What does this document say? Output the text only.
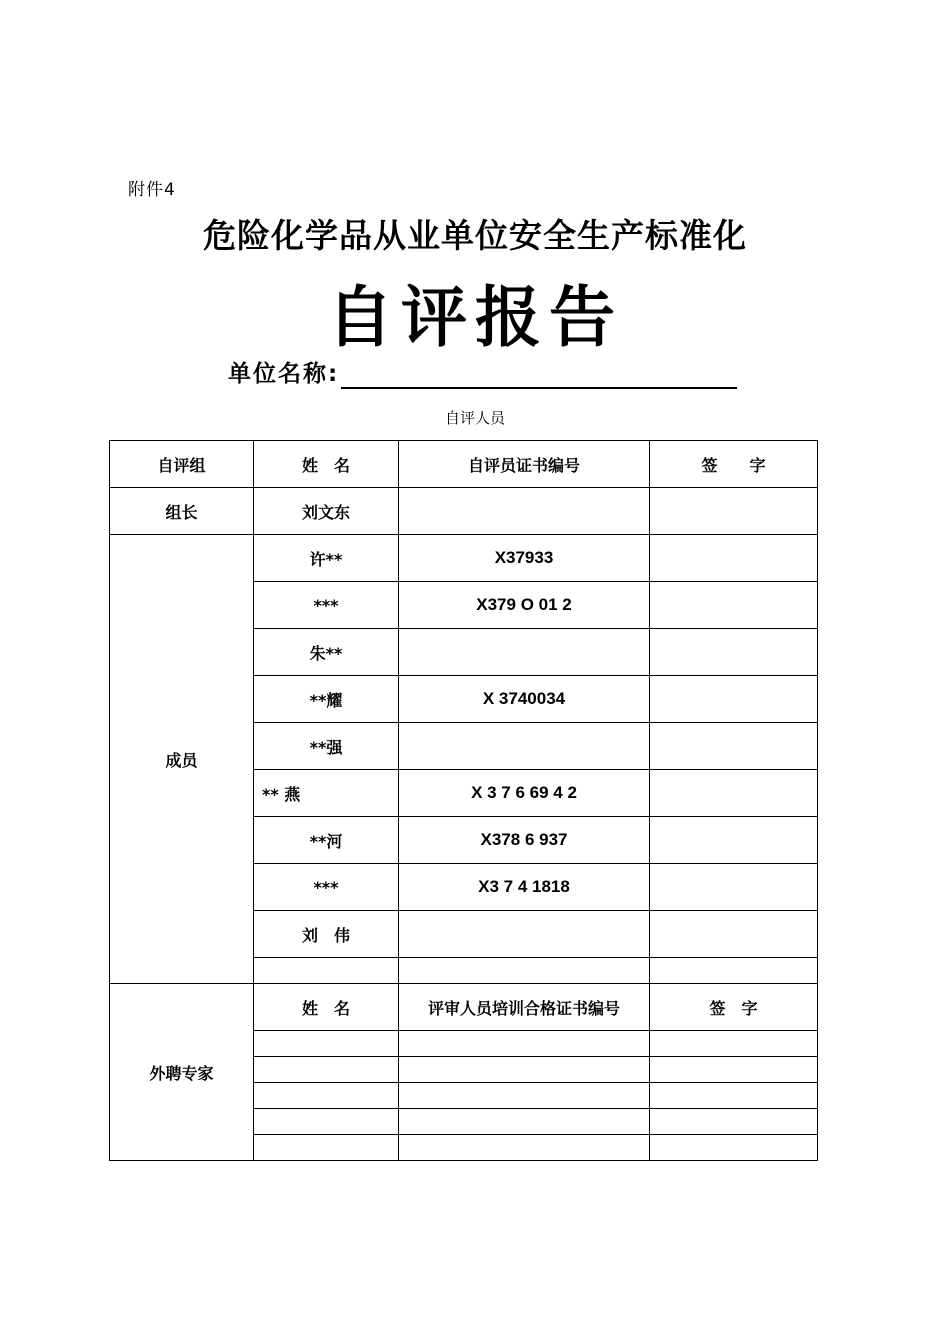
附件4
危险化学品从业单位安全生产标准化
自评报告
单位名称:
自评人员
自评组	姓　名	自评员证书编号	签　　字
组长	刘文东		
成员	许**	X37933	
	***	X379 O 01 2	
	朱**		
	**耀	X 3740034	
	**强		
	** 燕	X 3 7 6 69 4 2	
	**河	X378 6 937	
	***	X3 7 4 1818	
	刘　伟		

外聘专家	姓　名	评审人员培训合格证书编号	签　字
